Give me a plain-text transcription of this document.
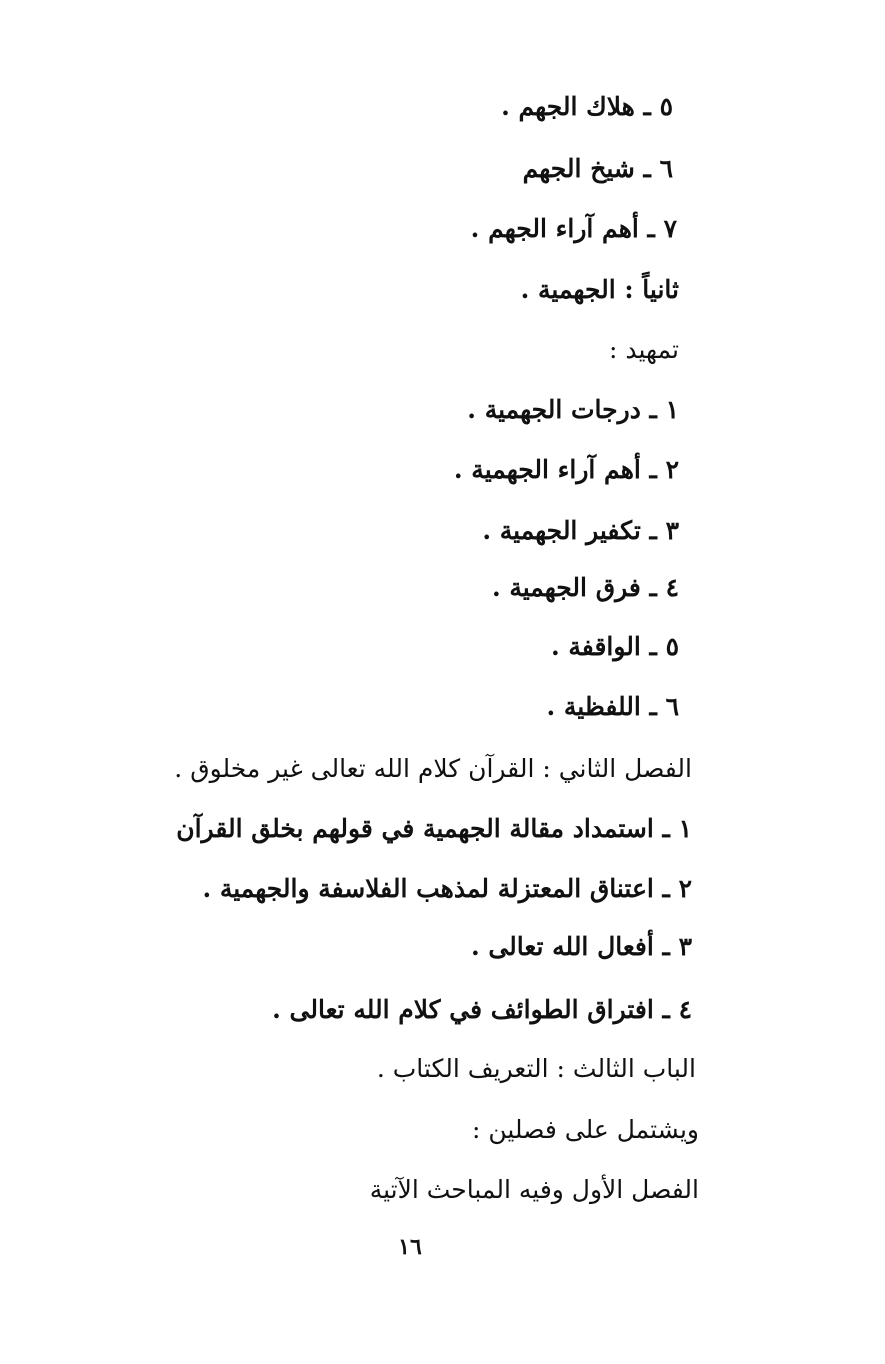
٥ ـ هلاك الجهم .
٦ ـ شيخ الجهم
٧ ـ أهم آراء الجهم .
ثانياً : الجهمية .
تمهيد :
١ ـ درجات الجهمية .
٢ ـ أهم آراء الجهمية .
٣ ـ تكفير الجهمية .
٤ ـ فرق الجهمية .
٥ ـ الواقفة .
٦ ـ اللفظية .
الفصل الثاني : القرآن كلام الله تعالى غير مخلوق .
١ ـ استمداد مقالة الجهمية في قولهم بخلق القرآن
٢ ـ اعتناق المعتزلة لمذهب الفلاسفة والجهمية .
٣ ـ أفعال الله تعالى .
٤ ـ افتراق الطوائف في كلام الله تعالى .
الباب الثالث : التعريف الكتاب .
ويشتمل على فصلين :
الفصل الأول وفيه المباحث الآتية
١٦
